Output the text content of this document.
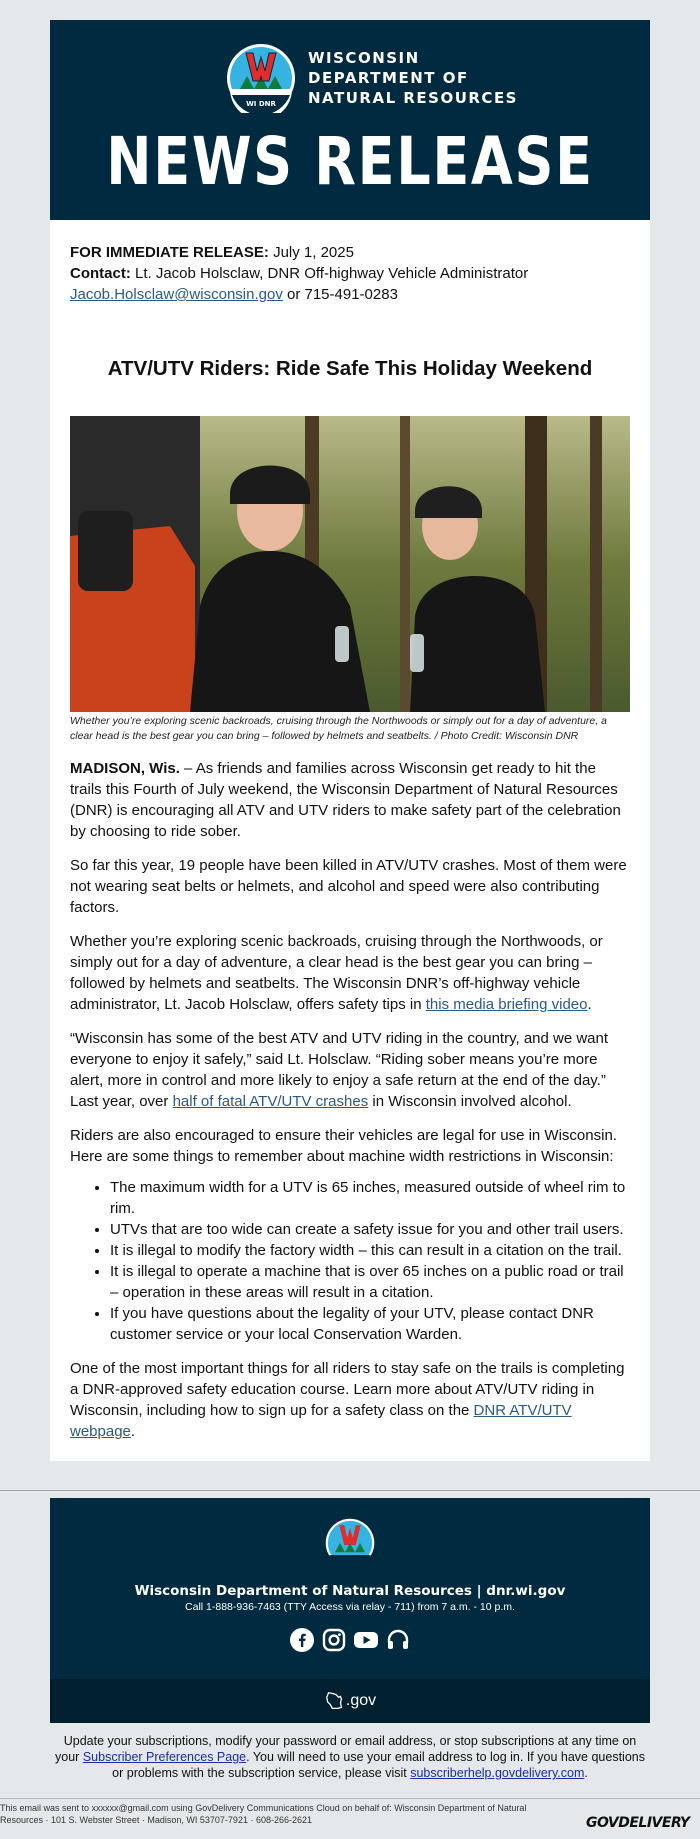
WI DNR
WISCONSIN
DEPARTMENT OF
NATURAL RESOURCES
NEWS RELEASE
FOR IMMEDIATE RELEASE: July 1, 2025
Contact: Lt. Jacob Holsclaw, DNR Off-highway Vehicle Administrator
Jacob.Holsclaw@wisconsin.gov or 715-491-0283
ATV/UTV Riders: Ride Safe This Holiday Weekend
Whether you’re exploring scenic backroads, cruising through the Northwoods or simply out for a day of adventure, a clear head is the best gear you can bring – followed by helmets and seatbelts. / Photo Credit: Wisconsin DNR

MADISON, Wis. – As friends and families across Wisconsin get ready to hit the trails this Fourth of July weekend, the Wisconsin Department of Natural Resources (DNR) is encouraging all ATV and UTV riders to make safety part of the celebration by choosing to ride sober.

So far this year, 19 people have been killed in ATV/UTV crashes. Most of them were not wearing seat belts or helmets, and alcohol and speed were also contributing factors.

Whether you’re exploring scenic backroads, cruising through the Northwoods, or simply out for a day of adventure, a clear head is the best gear you can bring – followed by helmets and seatbelts. The Wisconsin DNR’s off-highway vehicle administrator, Lt. Jacob Holsclaw, offers safety tips in this media briefing video.

“Wisconsin has some of the best ATV and UTV riding in the country, and we want everyone to enjoy it safely,” said Lt. Holsclaw. “Riding sober means you’re more alert, more in control and more likely to enjoy a safe return at the end of the day.” Last year, over half of fatal ATV/UTV crashes in Wisconsin involved alcohol.

Riders are also encouraged to ensure their vehicles are legal for use in Wisconsin. Here are some things to remember about machine width restrictions in Wisconsin:

• The maximum width for a UTV is 65 inches, measured outside of wheel rim to rim.
• UTVs that are too wide can create a safety issue for you and other trail users.
• It is illegal to modify the factory width – this can result in a citation on the trail.
• It is illegal to operate a machine that is over 65 inches on a public road or trail – operation in these areas will result in a citation.
• If you have questions about the legality of your UTV, please contact DNR customer service or your local Conservation Warden.

One of the most important things for all riders to stay safe on the trails is completing a DNR-approved safety education course. Learn more about ATV/UTV riding in Wisconsin, including how to sign up for a safety class on the DNR ATV/UTV webpage.

Wisconsin Department of Natural Resources | dnr.wi.gov
Call 1-888-936-7463 (TTY Access via relay - 711) from 7 a.m. - 10 p.m.
.gov
Update your subscriptions, modify your password or email address, or stop subscriptions at any time on your Subscriber Preferences Page. You will need to use your email address to log in. If you have questions or problems with the subscription service, please visit subscriberhelp.govdelivery.com.
This email was sent to xxxxxx@gmail.com using GovDelivery Communications Cloud on behalf of: Wisconsin Department of Natural Resources · 101 S. Webster Street · Madison, WI 53707-7921 · 608-266-2621	GOVDELIVERY
